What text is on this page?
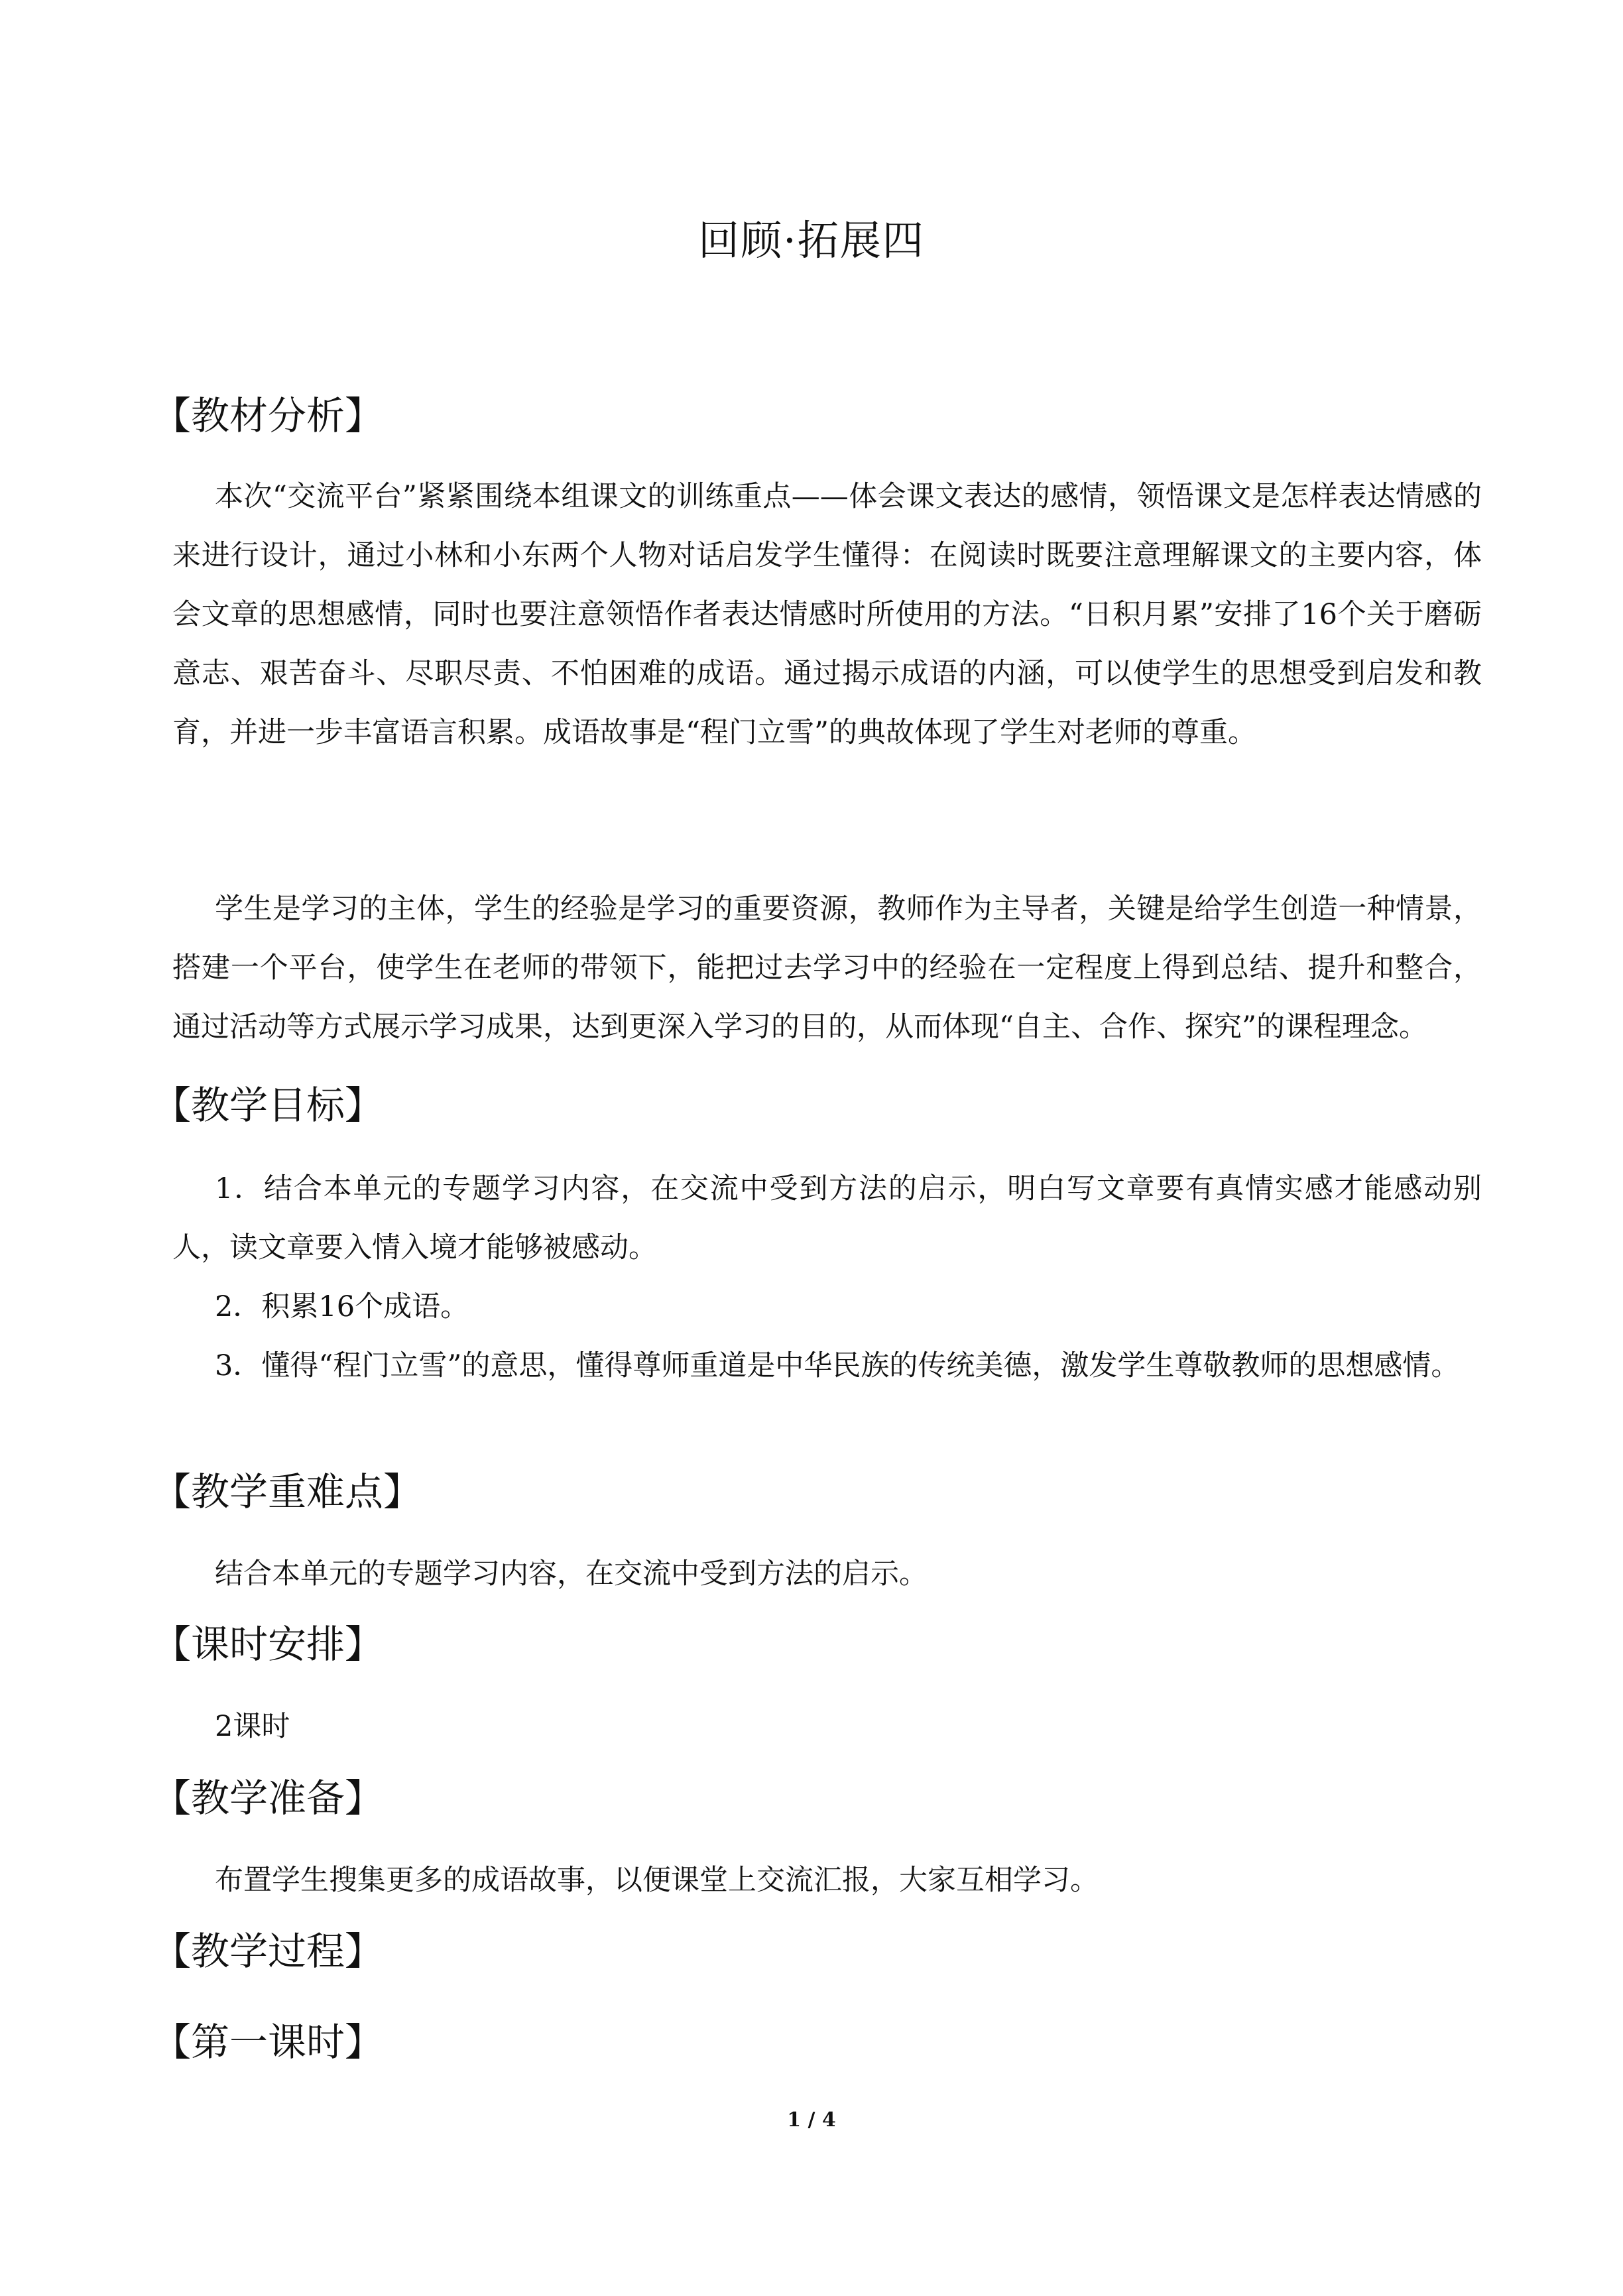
回顾·拓展四
【教材分析】

本次“交流平台”紧紧围绕本组课文的训练重点——体会课文表达的感情，领悟课文是怎样表达情感的来进行设计，通过小林和小东两个人物对话启发学生懂得：在阅读时既要注意理解课文的主要内容，体会文章的思想感情，同时也要注意领悟作者表达情感时所使用的方法。“日积月累”安排了16个关于磨砺意志、艰苦奋斗、尽职尽责、不怕困难的成语。通过揭示成语的内涵，可以使学生的思想受到启发和教育，并进一步丰富语言积累。成语故事是“程门立雪”的典故体现了学生对老师的尊重。

学生是学习的主体，学生的经验是学习的重要资源，教师作为主导者，关键是给学生创造一种情景，搭建一个平台，使学生在老师的带领下，能把过去学习中的经验在一定程度上得到总结、提升和整合，通过活动等方式展示学习成果，达到更深入学习的目的，从而体现“自主、合作、探究”的课程理念。

【教学目标】

1．结合本单元的专题学习内容，在交流中受到方法的启示，明白写文章要有真情实感才能感动别人，读文章要入情入境才能够被感动。

2．积累16个成语。

3．懂得“程门立雪”的意思，懂得尊师重道是中华民族的传统美德，激发学生尊敬教师的思想感情。

【教学重难点】
结合本单元的专题学习内容，在交流中受到方法的启示。
【课时安排】
2课时
【教学准备】
布置学生搜集更多的成语故事，以便课堂上交流汇报，大家互相学习。
【教学过程】
【第一课时】
1 / 4
